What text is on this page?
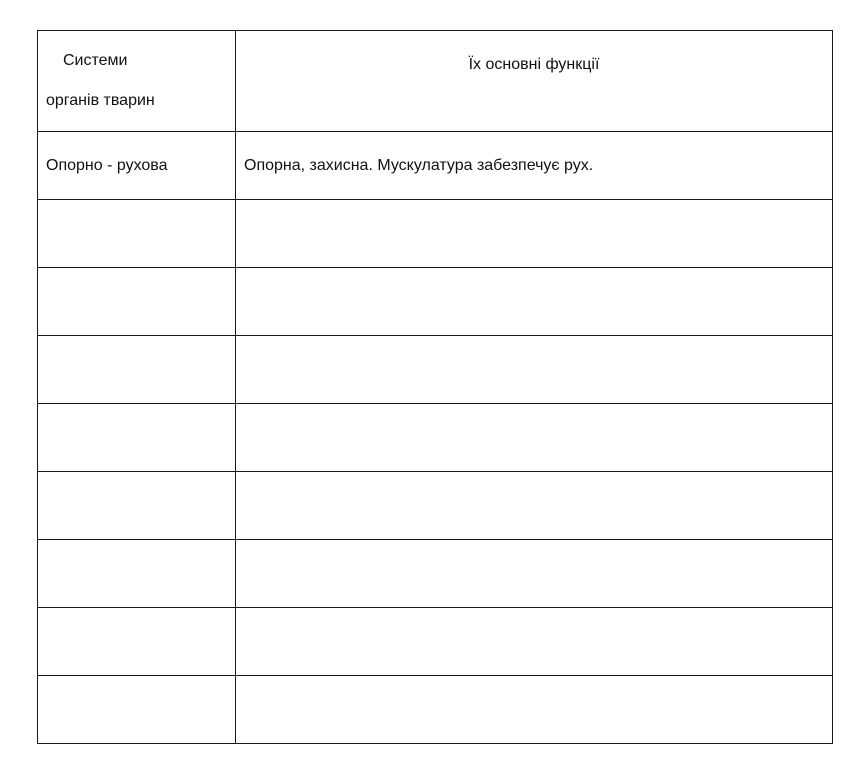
Системи

органів тварин	Їх основні функції

Опорно - рухова	Опорна, захисна. Мускулатура забезпечує рух.
